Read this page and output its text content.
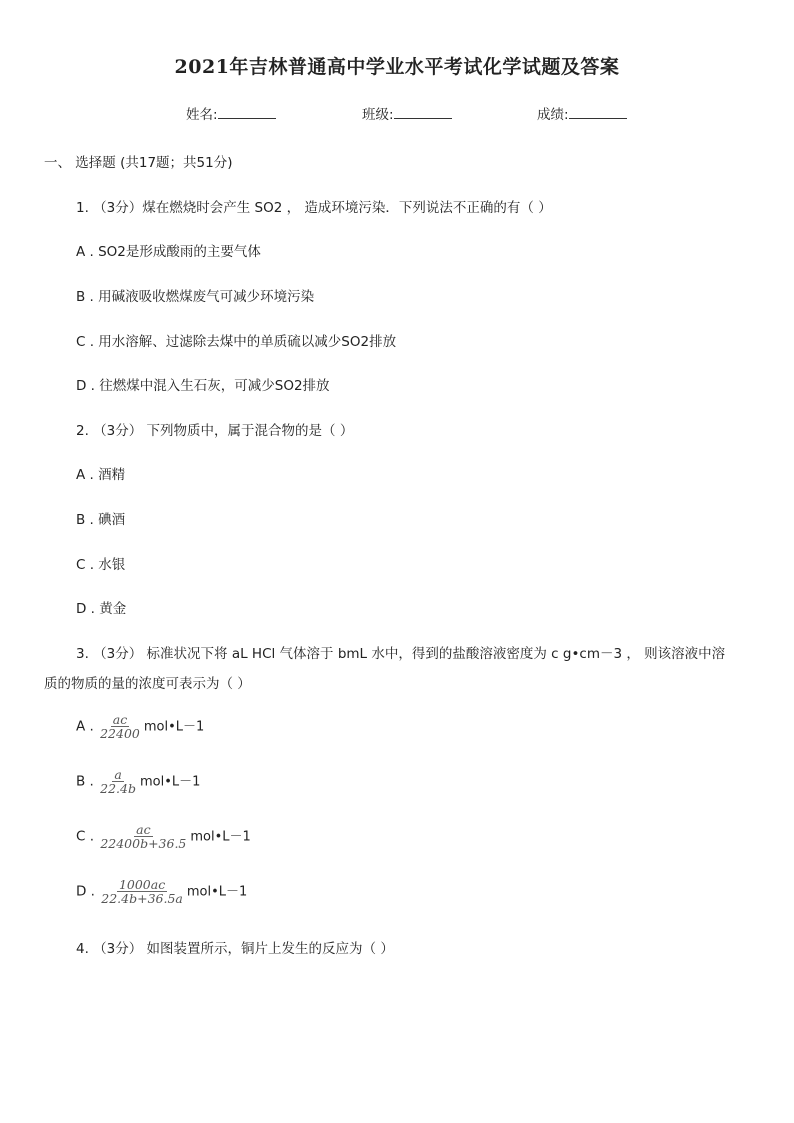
2021年吉林普通高中学业水平考试化学试题及答案
姓名:	班级:	成绩:
一、 选择题 (共17题；共51分)
1. （3分）煤在燃烧时会产生 SO2 ， 造成环境污染．下列说法不正确的有（ ）
A . SO2是形成酸雨的主要气体
B . 用碱液吸收燃煤废气可减少环境污染
C . 用水溶解、过滤除去煤中的单质硫以减少SO2排放
D . 往燃煤中混入生石灰，可减少SO2排放
2. （3分） 下列物质中，属于混合物的是（ ）
A . 酒精
B . 碘酒
C . 水银
D . 黄金
3. （3分） 标准状况下将 aL HCl 气体溶于 bmL 水中，得到的盐酸溶液密度为 c g•cm－3 ， 则该溶液中溶
质的物质的量的浓度可表示为（ ）
A . $\frac{ac}{22400}$ mol•L－1
B . $\frac{a}{22.4b}$ mol•L－1
C . $\frac{ac}{22400b+36.5}$ mol•L－1
D . $\frac{1000ac}{22.4b+36.5a}$ mol•L－1
4. （3分） 如图装置所示，铜片上发生的反应为（ ）
